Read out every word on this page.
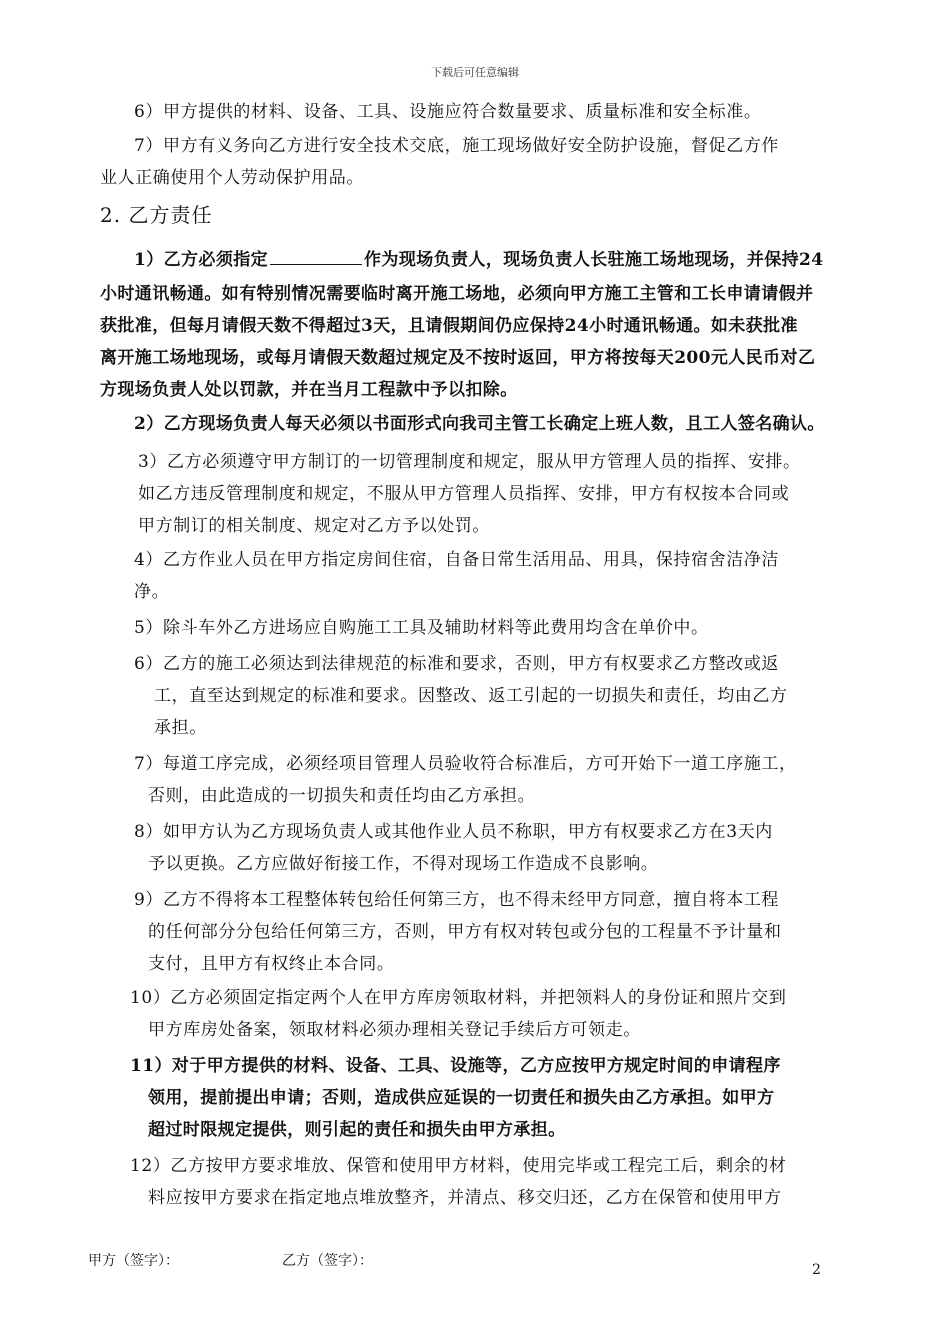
下载后可任意编辑
6）甲方提供的材料、设备、工具、设施应符合数量要求、质量标准和安全标准。
7）甲方有义务向乙方进行安全技术交底，施工现场做好安全防护设施，督促乙方作
业人正确使用个人劳动保护用品。
2. 乙方责任
1）乙方必须指定	作为现场负责人，现场负责人长驻施工场地现场，并保持24
小时通讯畅通。如有特别情况需要临时离开施工场地，必须向甲方施工主管和工长申请请假并
获批准，但每月请假天数不得超过3天，且请假期间仍应保持24小时通讯畅通。如未获批准
离开施工场地现场，或每月请假天数超过规定及不按时返回，甲方将按每天200元人民币对乙
方现场负责人处以罚款，并在当月工程款中予以扣除。
2）乙方现场负责人每天必须以书面形式向我司主管工长确定上班人数，且工人签名确认。
3）乙方必须遵守甲方制订的一切管理制度和规定，服从甲方管理人员的指挥、安排。
如乙方违反管理制度和规定，不服从甲方管理人员指挥、安排，甲方有权按本合同或
甲方制订的相关制度、规定对乙方予以处罚。
4）乙方作业人员在甲方指定房间住宿，自备日常生活用品、用具，保持宿舍洁净洁
净。
5）除斗车外乙方进场应自购施工工具及辅助材料等此费用均含在单价中。
6）乙方的施工必须达到法律规范的标准和要求，否则，甲方有权要求乙方整改或返
工，直至达到规定的标准和要求。因整改、返工引起的一切损失和责任，均由乙方
承担。
7）每道工序完成，必须经项目管理人员验收符合标准后，方可开始下一道工序施工，
否则，由此造成的一切损失和责任均由乙方承担。
8）如甲方认为乙方现场负责人或其他作业人员不称职，甲方有权要求乙方在3天内
予以更换。乙方应做好衔接工作，不得对现场工作造成不良影响。
9）乙方不得将本工程整体转包给任何第三方，也不得未经甲方同意，擅自将本工程
的任何部分分包给任何第三方，否则，甲方有权对转包或分包的工程量不予计量和
支付，且甲方有权终止本合同。
10）乙方必须固定指定两个人在甲方库房领取材料，并把领料人的身份证和照片交到
甲方库房处备案，领取材料必须办理相关登记手续后方可领走。
11）对于甲方提供的材料、设备、工具、设施等，乙方应按甲方规定时间的申请程序
领用，提前提出申请；否则，造成供应延误的一切责任和损失由乙方承担。如甲方
超过时限规定提供，则引起的责任和损失由甲方承担。
12）乙方按甲方要求堆放、保管和使用甲方材料，使用完毕或工程完工后，剩余的材
料应按甲方要求在指定地点堆放整齐，并清点、移交归还，乙方在保管和使用甲方
甲方（签字）：	乙方（签字）：
2
